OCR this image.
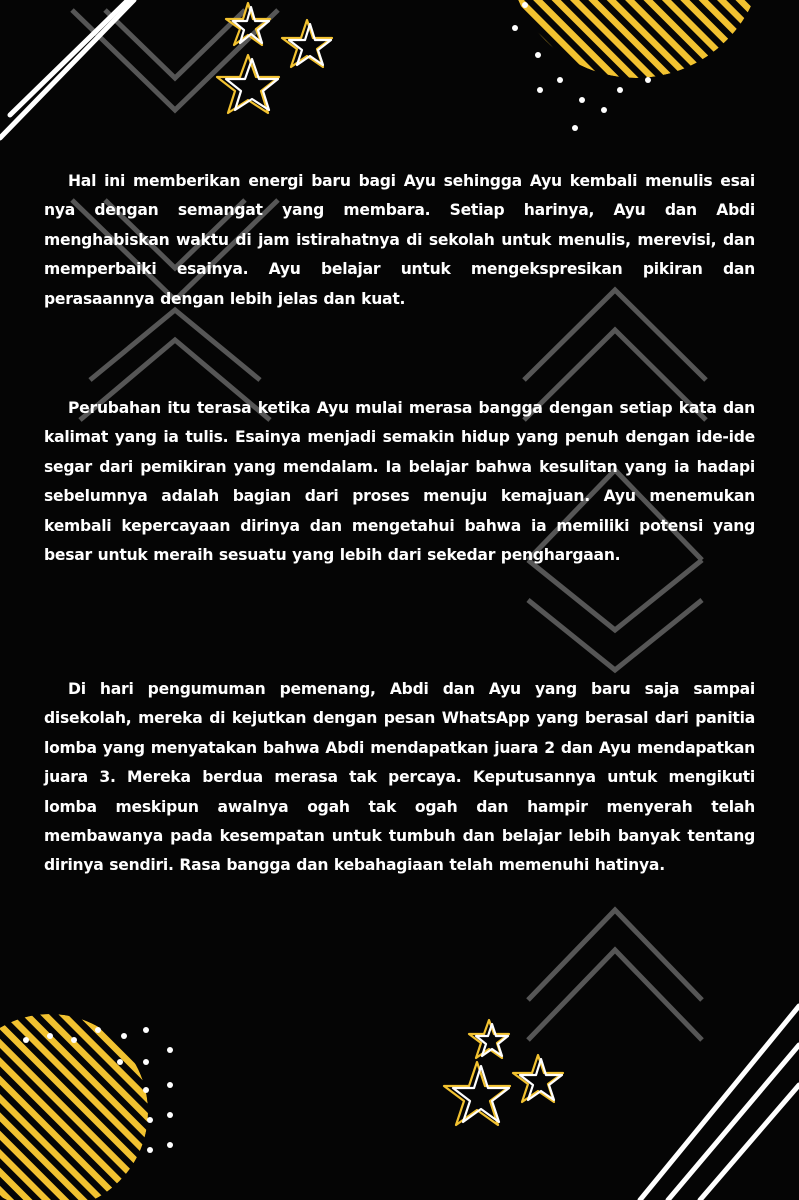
Hal ini memberikan energi baru bagi Ayu sehingga Ayu kembali menulis esai nya dengan semangat yang membara. Setiap harinya, Ayu dan Abdi menghabiskan waktu di jam istirahatnya di sekolah untuk menulis, merevisi, dan memperbaiki esainya. Ayu belajar untuk mengekspresikan pikiran dan perasaannya dengan lebih jelas dan kuat.

Perubahan itu terasa ketika Ayu mulai merasa bangga dengan setiap kata dan kalimat yang ia tulis. Esainya menjadi semakin hidup yang penuh dengan ide-ide segar dari pemikiran yang mendalam. Ia belajar bahwa kesulitan yang ia hadapi sebelumnya adalah bagian dari proses menuju kemajuan. Ayu menemukan kembali kepercayaan dirinya dan mengetahui bahwa ia memiliki potensi yang besar untuk meraih sesuatu yang lebih dari sekedar penghargaan.

Di hari pengumuman pemenang, Abdi dan Ayu yang baru saja sampai disekolah, mereka di kejutkan dengan pesan WhatsApp yang berasal dari panitia lomba yang menyatakan bahwa Abdi mendapatkan juara 2 dan Ayu mendapatkan juara 3. Mereka berdua merasa tak percaya. Keputusannya untuk mengikuti lomba meskipun awalnya ogah tak ogah dan hampir menyerah telah membawanya pada kesempatan untuk tumbuh dan belajar lebih banyak tentang dirinya sendiri. Rasa bangga dan kebahagiaan telah memenuhi hatinya.
